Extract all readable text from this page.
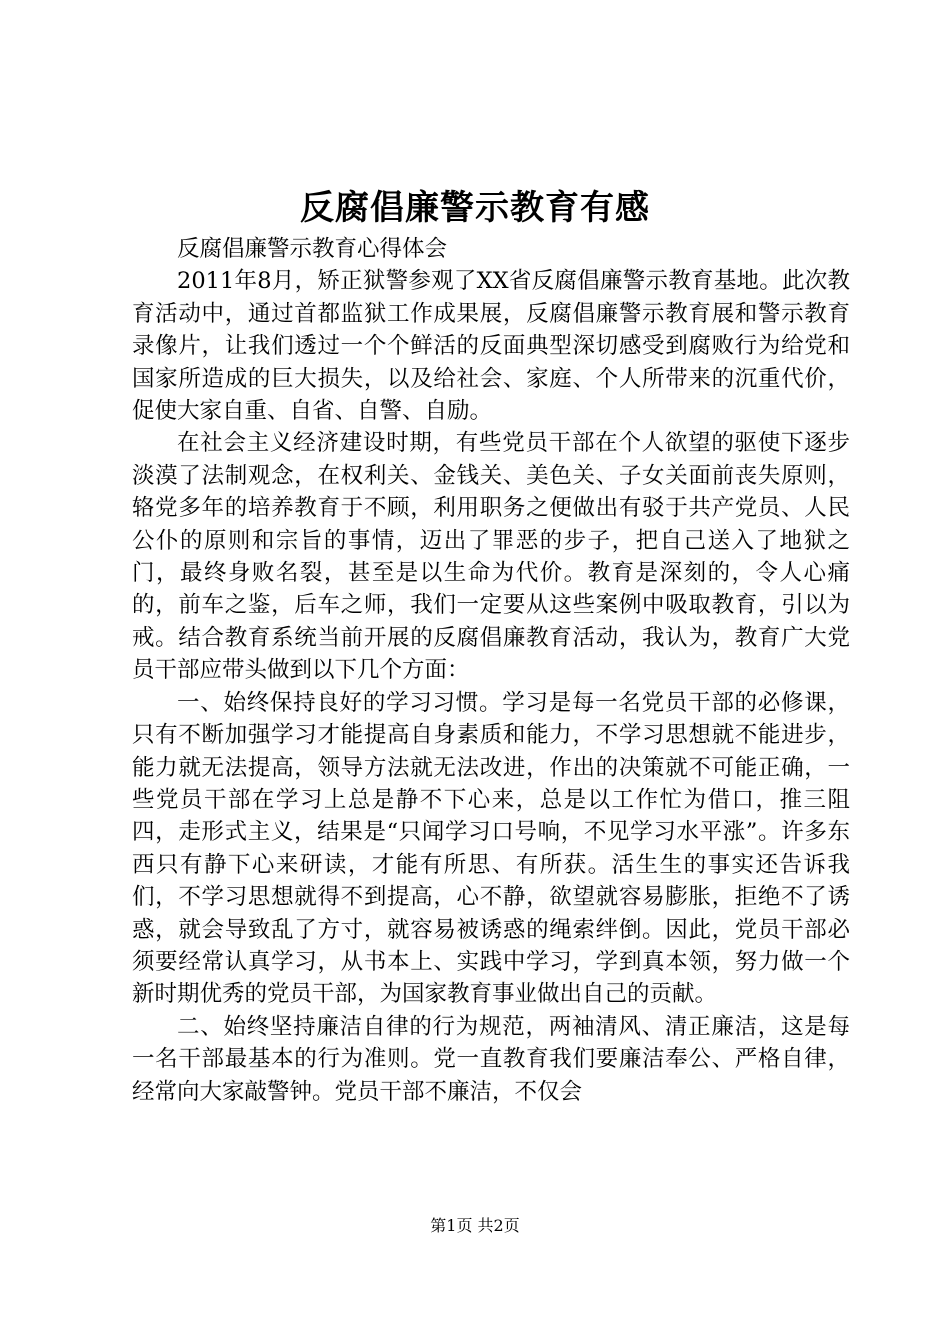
反腐倡廉警示教育有感

反腐倡廉警示教育心得体会

2011年8月，矫正狱警参观了XX省反腐倡廉警示教育基地。此次教育活动中，通过首都监狱工作成果展，反腐倡廉警示教育展和警示教育录像片，让我们透过一个个鲜活的反面典型深切感受到腐败行为给党和国家所造成的巨大损失，以及给社会、家庭、个人所带来的沉重代价，促使大家自重、自省、自警、自励。

在社会主义经济建设时期，有些党员干部在个人欲望的驱使下逐步淡漠了法制观念，在权利关、金钱关、美色关、子女关面前丧失原则，辂党多年的培养教育于不顾，利用职务之便做出有驳于共产党员、人民公仆的原则和宗旨的事情，迈出了罪恶的步子，把自己送入了地狱之门，最终身败名裂，甚至是以生命为代价。教育是深刻的，令人心痛的，前车之鉴，后车之师，我们一定要从这些案例中吸取教育，引以为戒。结合教育系统当前开展的反腐倡廉教育活动，我认为，教育广大党员干部应带头做到以下几个方面：

一、始终保持良好的学习习惯。学习是每一名党员干部的必修课，只有不断加强学习才能提高自身素质和能力，不学习思想就不能进步，能力就无法提高，领导方法就无法改进，作出的决策就不可能正确，一些党员干部在学习上总是静不下心来，总是以工作忙为借口，推三阻四，走形式主义，结果是“只闻学习口号响，不见学习水平涨”。许多东西只有静下心来研读，才能有所思、有所获。活生生的事实还告诉我们，不学习思想就得不到提高，心不静，欲望就容易膨胀，拒绝不了诱惑，就会导致乱了方寸，就容易被诱惑的绳索绊倒。因此，党员干部必须要经常认真学习，从书本上、实践中学习，学到真本领，努力做一个新时期优秀的党员干部，为国家教育事业做出自己的贡献。

二、始终坚持廉洁自律的行为规范，两袖清风、清正廉洁，这是每一名干部最基本的行为准则。党一直教育我们要廉洁奉公、严格自律，经常向大家敲警钟。党员干部不廉洁，不仅会

第1页 共2页
